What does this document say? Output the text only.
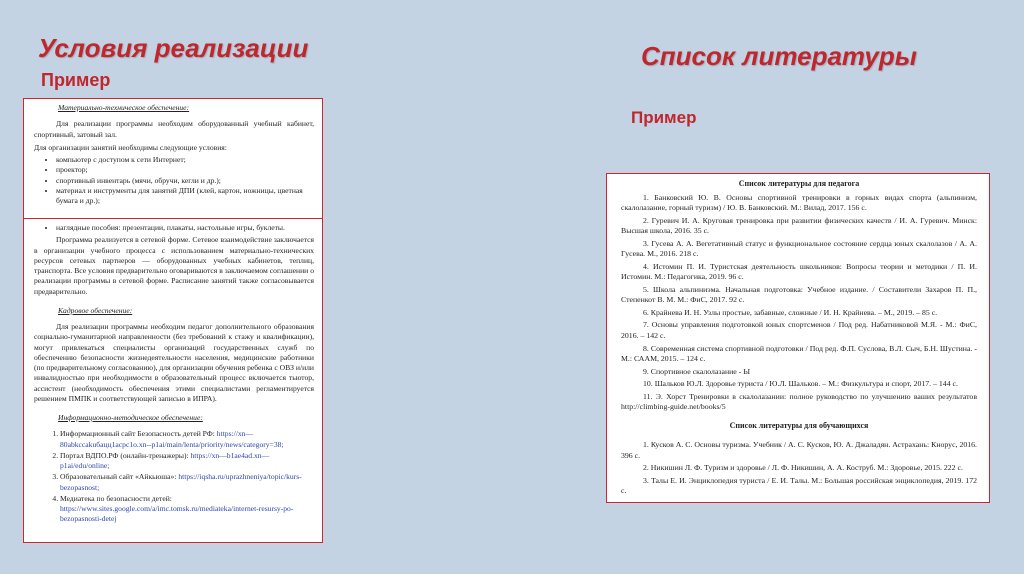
Условия реализации
Пример
Список литературы
Пример

Материально-техническое обеспечение:

Для реализации программы необходим оборудованный учебный кабинет, спортивный, затовый зал.

Для организации занятий необходимы следующие условия:

• компьютер с доступом к сети Интернет;
• проектор;
• спортивный инвентарь (мячи, обручи, кегли и др.);
• материал и инструменты для занятий ДПИ (клей, картон, ножницы, цветная бумага и др.);
• наглядные пособия: презентации, плакаты, настольные игры, буклеты.

Программа реализуется в сетевой форме. Сетевое взаимодействие заключается в организации учебного процесса с использованием материально-технических ресурсов сетевых партнеров — оборудованных учебных кабинетов, теплиц, транспорта. Все условия предварительно оговариваются в заключаемом соглашении о реализации программы в сетевой форме. Расписание занятий также согласовывается предварительно.

Кадровое обеспечение:

Для реализации программы необходим педагог дополнительного образования социально-гуманитарной направленности (без требований к стажу и квалификации), могут привлекаться специалисты организаций государственных служб по обеспечению безопасности жизнедеятельности населения, медицинские работники (по предварительному согласованию), для организации обучения ребенка с ОВЗ и/или инвалидностью при необходимости в образовательный процесс включается тьютор, ассистент (необходимость обеспечения этими специалистами регламентируется решением ПМПК и соответствующей записью в ИПРА).

Информационно-методическое обеспечение:

1. Информационный сайт Безопасность детей РФ: https://xn—80abkccakuбацц1аcpc1о.xn--p1ai/main/lenta/priority/news/category=38;
2. Портал ВДПО.РФ (онлайн-тренажеры): https://xn—b1ae4ad.xn—p1ai/edu/online;
3. Образовательный сайт «Айкьюша»: https://iqsha.ru/uprazhneniya/topic/kurs-bezopasnost;
4. Медиатека по безопасности детей: https://www.sites.google.com/a/imc.tomsk.ru/mediateka/internet-resursy-po-bezopasnosti-detej

Список литературы для педагога

1. Банковский Ю. В. Основы спортивной тренировки в горных видах спорта (альпинизм, скалолазание, горный туризм) / Ю. В. Банковский. М.: Вилад, 2017. 156 с.

2. Гуревич И. А. Круговая тренировка при развитии физических качеств / И. А. Гуревич. Минск: Высшая школа, 2016. 35 с.

3. Гусева А. А. Вегетативный статус и функциональное состояние сердца юных скалолазов / А. А. Гусева. М., 2016. 218 с.

4. Истомин П. И. Туристская деятельность школьников: Вопросы теории и методики / П. И. Истомин. М.: Педагогика, 2019. 96 с.

5. Школа альпиниэма. Начальная подготовка: Учебное издание. / Составители Захаров П. П., Степенкот В. М. М.: ФиС, 2017. 92 с.

6. Крайнева И. Н. Узлы простые, забавные, сложные / И. Н. Крайнева. – М., 2019. – 85 с.

7. Основы управления подготовкой юных спортсменов / Под ред. Набатниковой М.Я. - М.: ФиС, 2016. – 142 с.

8. Современная система спортивной подготовки / Под ред. Ф.П. Суслова, В.Л. Сыч, Б.Н. Шустина. - М.: СААМ, 2015. – 124 с.

9. Спортивное скалолазание - Ы

10. Шальков Ю.Л. Здоровье туриста / Ю.Л. Шальков. – М.: Физкультура и спорт, 2017. – 144 с.

11. Э. Хорст Тренировки в скалолазании: полное руководство по улучшению ваших результатов http://climbing-guide.net/books/5

Список литературы для обучающихся

1. Кусков А. С. Основы туризма. Учебник / А. С. Кусков, Ю. А. Джаладян. Астрахань: Кнорус, 2016. 396 с.

2. Никишин Л. Ф. Туризм и здоровье / Л. Ф. Никишин, А. А. Коструб. М.: Здоровье, 2015. 222 с.

3. Талы Е. И. Энциклопедия туриста / Е. И. Талы. М.: Большая российская энциклопедия, 2019. 172 с.
